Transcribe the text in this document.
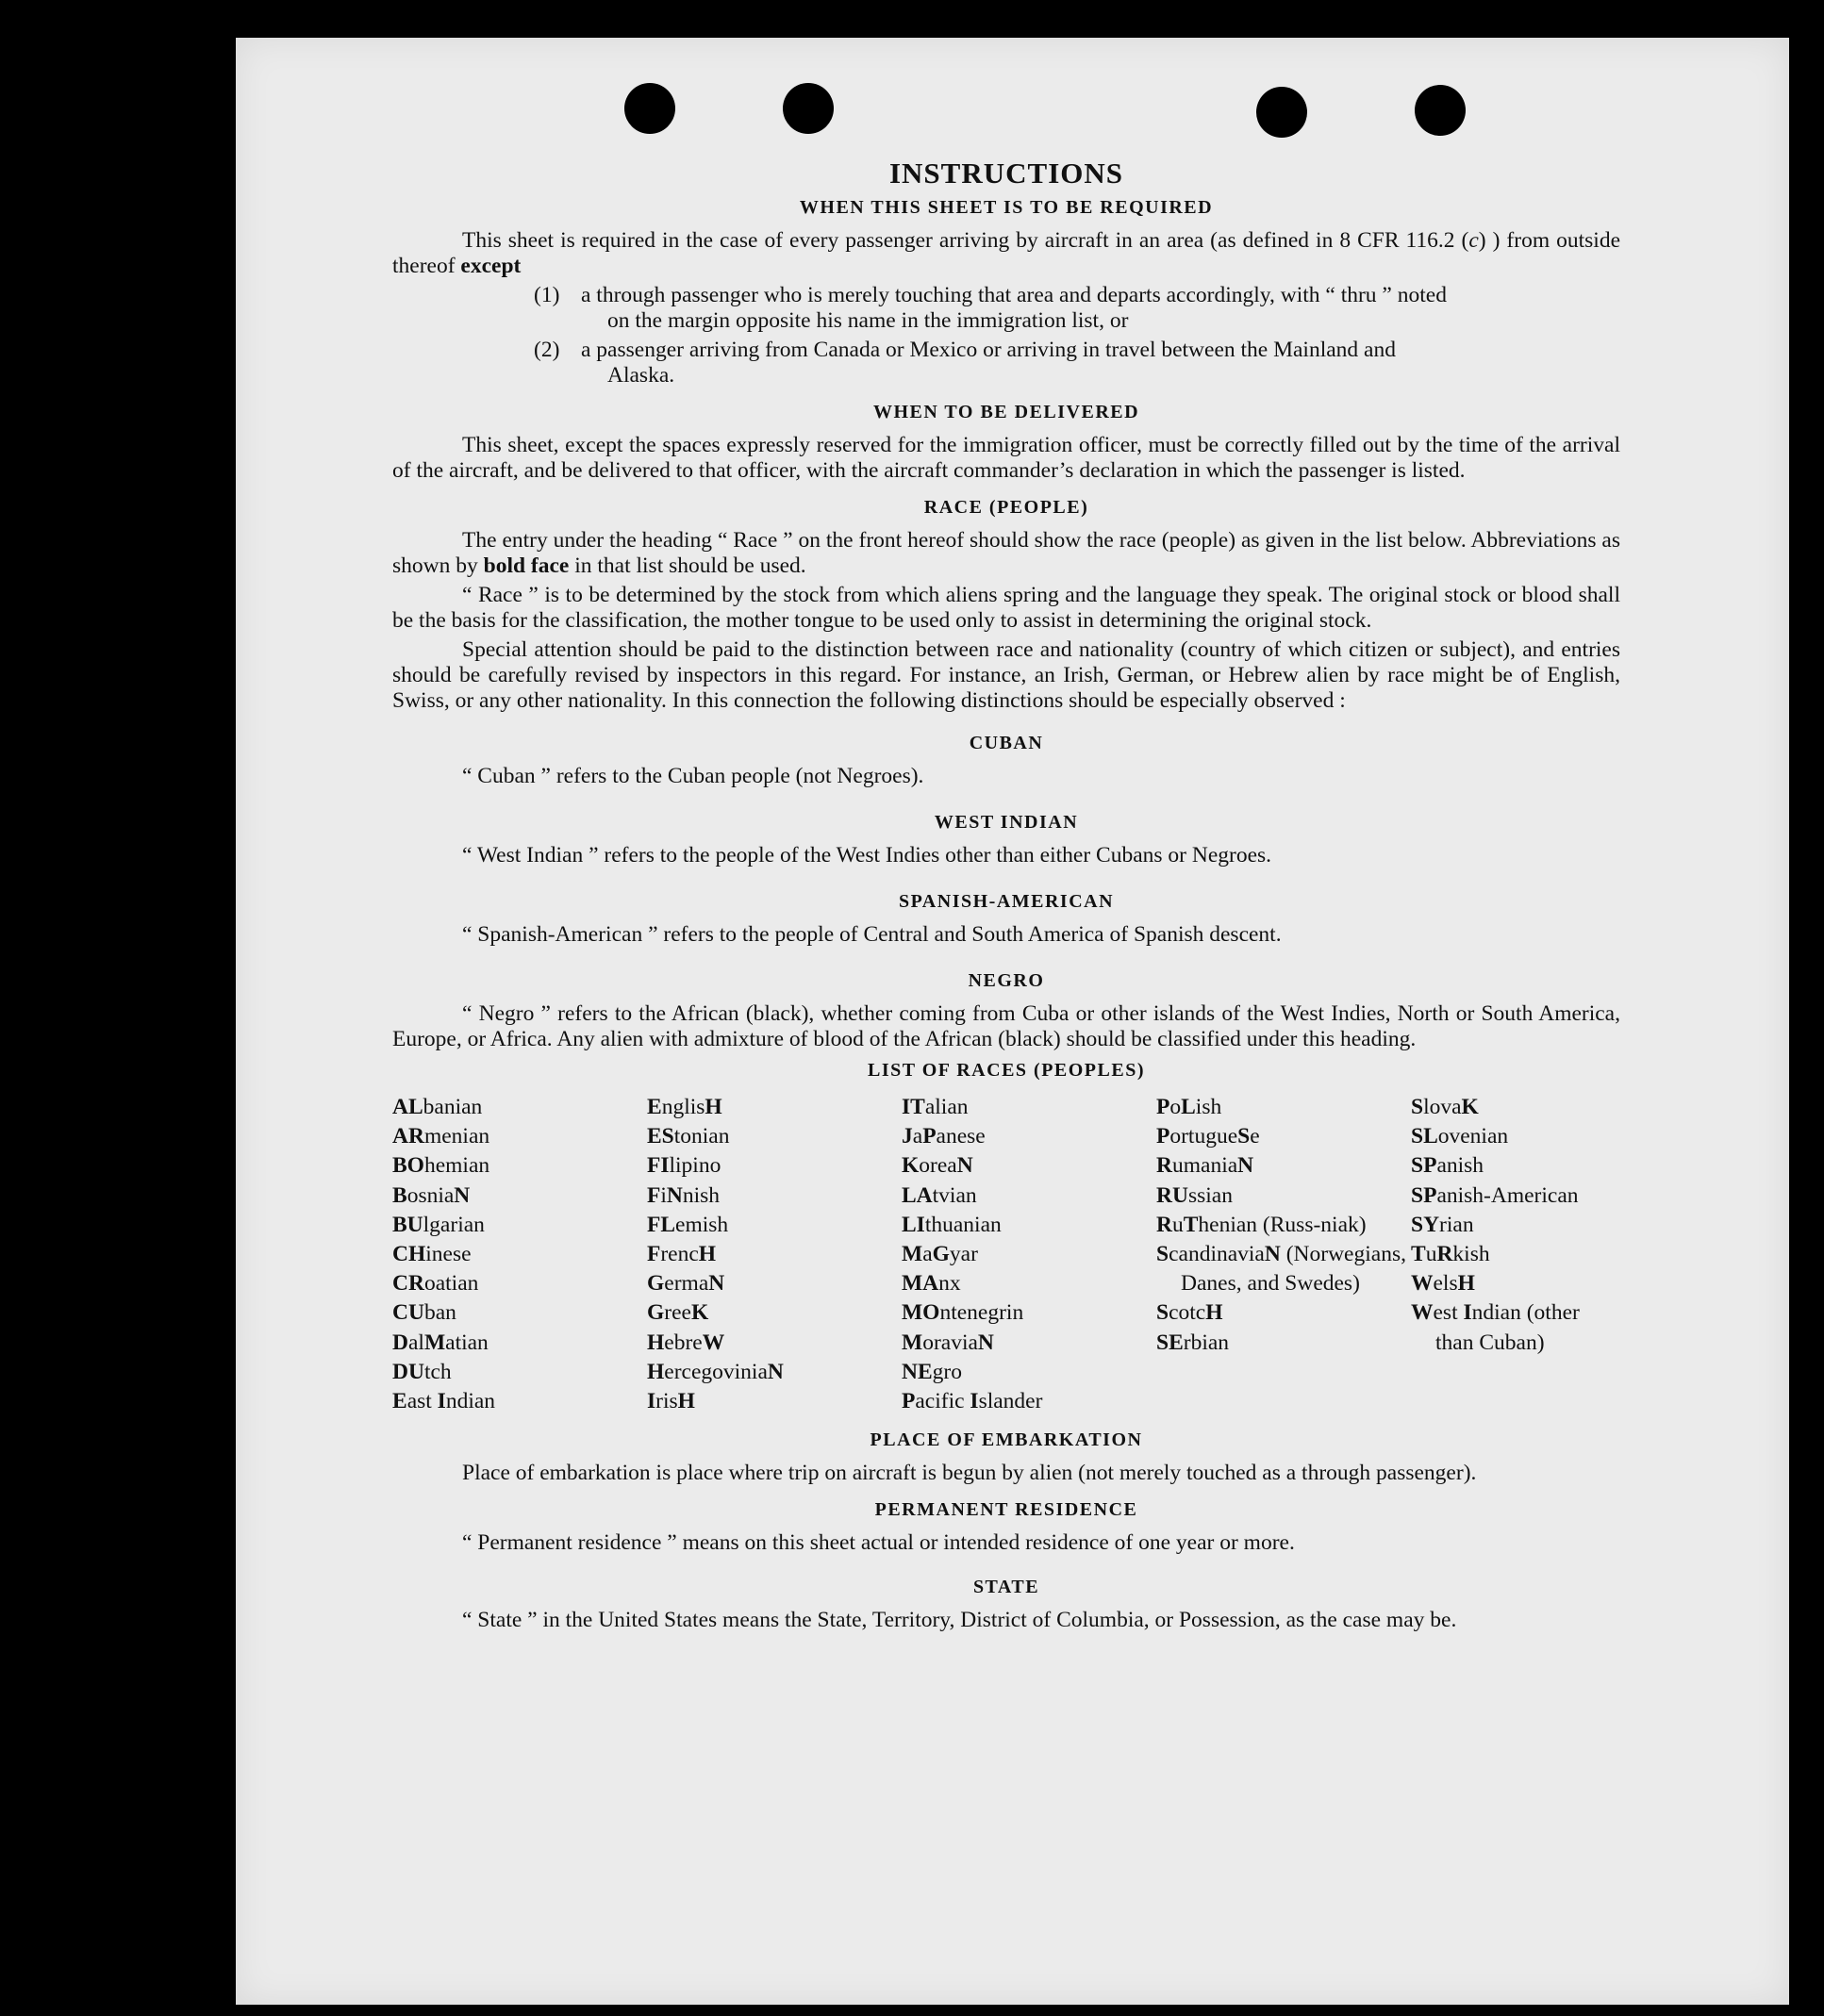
INSTRUCTIONS
WHEN THIS SHEET IS TO BE REQUIRED

This sheet is required in the case of every passenger arriving by aircraft in an area (as defined in 8 CFR 116.2 (c) ) from outside thereof except

(1) a through passenger who is merely touching that area and departs accordingly, with “ thru ” noted
on the margin opposite his name in the immigration list, or
(2) a passenger arriving from Canada or Mexico or arriving in travel between the Mainland and
Alaska.
WHEN TO BE DELIVERED

This sheet, except the spaces expressly reserved for the immigration officer, must be correctly filled out by the time of the arrival of the aircraft, and be delivered to that officer, with the aircraft commander’s declaration in which the passenger is listed.

RACE (PEOPLE)

The entry under the heading “ Race ” on the front hereof should show the race (people) as given in the list below. Abbreviations as shown by bold face in that list should be used.

“ Race ” is to be determined by the stock from which aliens spring and the language they speak. The original stock or blood shall be the basis for the classification, the mother tongue to be used only to assist in determining the original stock.

Special attention should be paid to the distinction between race and nationality (country of which citizen or subject), and entries should be carefully revised by inspectors in this regard. For instance, an Irish, German, or Hebrew alien by race might be of English, Swiss, or any other nationality. In this connection the following distinctions should be especially observed :

CUBAN

“ Cuban ” refers to the Cuban people (not Negroes).

WEST INDIAN

“ West Indian ” refers to the people of the West Indies other than either Cubans or Negroes.

SPANISH-AMERICAN

“ Spanish-American ” refers to the people of Central and South America of Spanish descent.

NEGRO

“ Negro ” refers to the African (black), whether coming from Cuba or other islands of the West Indies, North or South America, Europe, or Africa. Any alien with admixture of blood of the African (black) should be classified under this heading.

LIST OF RACES (PEOPLES)
ALbanian
ARmenian
BOhemian
BosniaN
BUlgarian
CHinese
CRoatian
CUban
DalMatian
DUtch
East Indian
EnglisH
EStonian
FIlipino
FiNnish
FLemish
FrencH
GermaN
GreeK
HebreW
HercegoviniaN
IrisH
ITalian
JaPanese
KoreaN
LAtvian
LIthuanian
MaGyar
MAnx
MOntenegrin
MoraviaN
NEgro
Pacific Islander
PoLish
PortugueSe
RumaniaN
RUssian
RuThenian (Russ-niak)
ScandinaviaN (Norwegians, Danes, and Swedes)
ScotcH
SErbian
SlovaK
SLovenian
SPanish
SPanish-American
SYrian
TuRkish
WelsH
West Indian (other than Cuban)
PLACE OF EMBARKATION

Place of embarkation is place where trip on aircraft is begun by alien (not merely touched as a through passenger).

PERMANENT RESIDENCE

“ Permanent residence ” means on this sheet actual or intended residence of one year or more.

STATE

“ State ” in the United States means the State, Territory, District of Columbia, or Possession, as the case may be.
